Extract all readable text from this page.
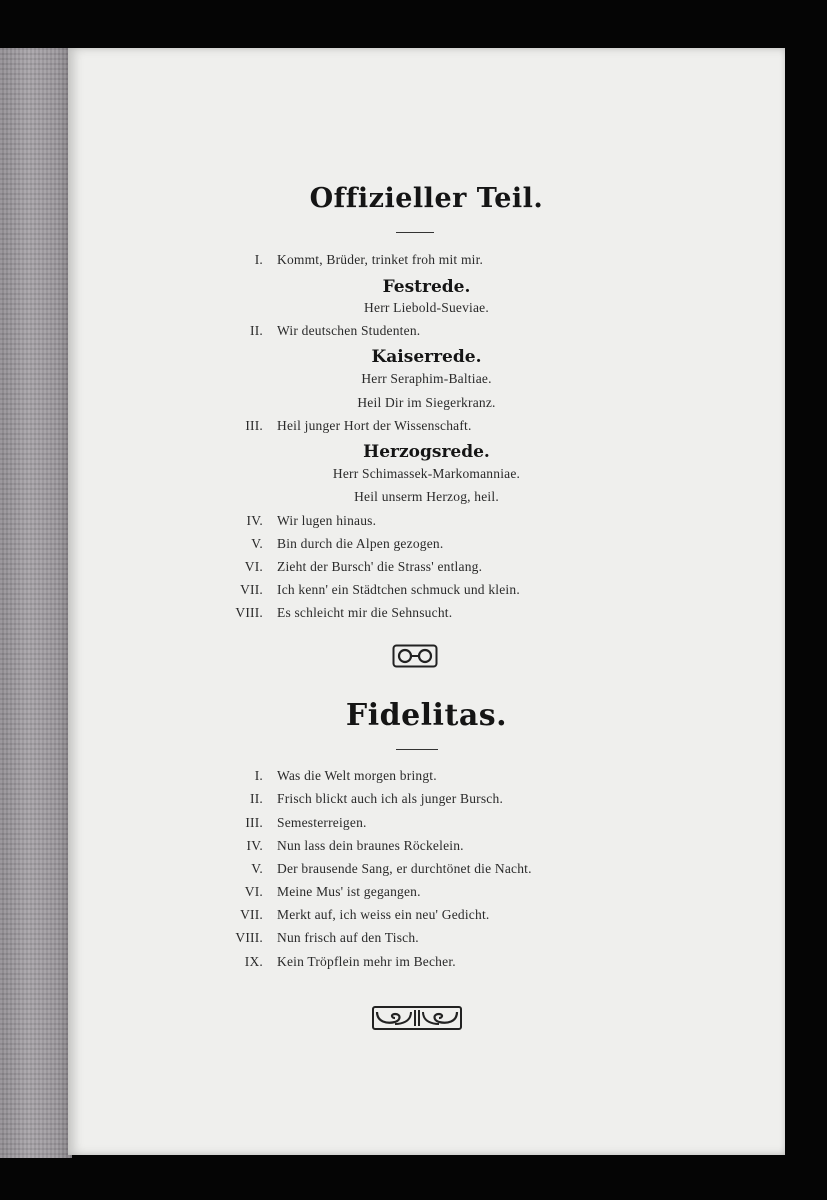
Offizieller Teil.
I. Kommt, Brüder, trinket froh mit mir.
Festrede.
Herr Liebold-Sueviae.
II. Wir deutschen Studenten.
Kaiserrede.
Herr Seraphim-Baltiae.
Heil Dir im Siegerkranz.
III. Heil junger Hort der Wissenschaft.
Herzogsrede.
Herr Schimassek-Markomanniae.
Heil unserm Herzog, heil.
IV. Wir lugen hinaus.
V. Bin durch die Alpen gezogen.
VI. Zieht der Bursch' die Strass' entlang.
VII. Ich kenn' ein Städtchen schmuck und klein.
VIII. Es schleicht mir die Sehnsucht.
Fidelitas.
I. Was die Welt morgen bringt.
II. Frisch blickt auch ich als junger Bursch.
III. Semesterreigen.
IV. Nun lass dein braunes Röckelein.
V. Der brausende Sang, er durchtönet die Nacht.
VI. Meine Mus' ist gegangen.
VII. Merkt auf, ich weiss ein neu' Gedicht.
VIII. Nun frisch auf den Tisch.
IX. Kein Tröpflein mehr im Becher.
